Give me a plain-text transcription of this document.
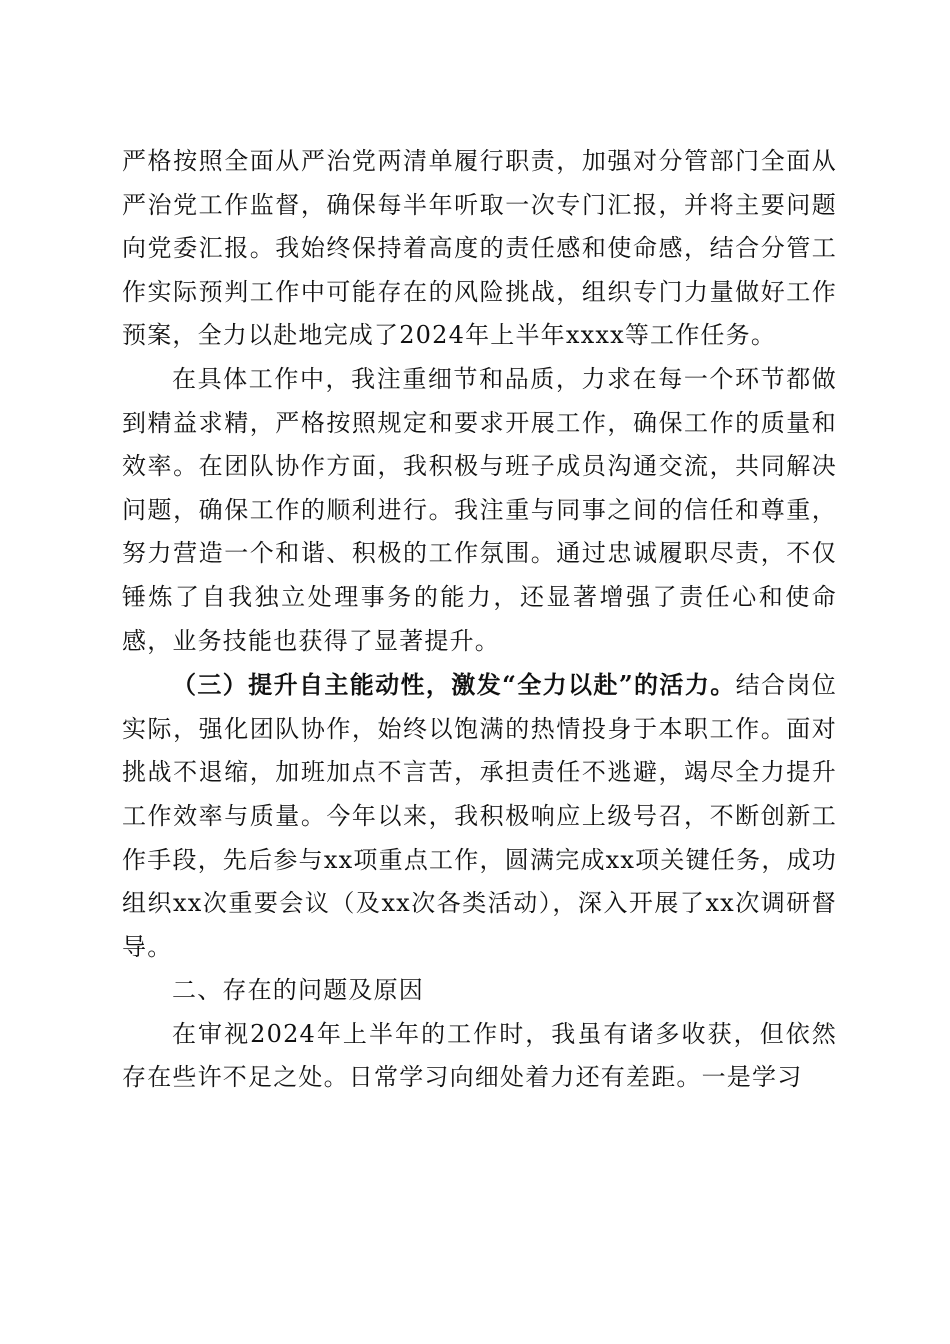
严格按照全面从严治党两清单履行职责，加强对分管部门全面从严治党工作监督，确保每半年听取一次专门汇报，并将主要问题向党委汇报。我始终保持着高度的责任感和使命感，结合分管工作实际预判工作中可能存在的风险挑战，组织专门力量做好工作预案，全力以赴地完成了2024年上半年xxxx等工作任务。

在具体工作中，我注重细节和品质，力求在每一个环节都做到精益求精，严格按照规定和要求开展工作，确保工作的质量和效率。在团队协作方面，我积极与班子成员沟通交流，共同解决问题，确保工作的顺利进行。我注重与同事之间的信任和尊重，努力营造一个和谐、积极的工作氛围。通过忠诚履职尽责，不仅锤炼了自我独立处理事务的能力，还显著增强了责任心和使命感，业务技能也获得了显著提升。

（三）提升自主能动性，激发“全力以赴”的活力。结合岗位实际，强化团队协作，始终以饱满的热情投身于本职工作。面对挑战不退缩，加班加点不言苦，承担责任不逃避，竭尽全力提升工作效率与质量。今年以来，我积极响应上级号召，不断创新工作手段，先后参与xx项重点工作，圆满完成xx项关键任务，成功组织xx次重要会议（及xx次各类活动），深入开展了xx次调研督导。

二、存在的问题及原因

在审视2024年上半年的工作时，我虽有诸多收获，但依然存在些许不足之处。日常学习向细处着力还有差距。一是学习
